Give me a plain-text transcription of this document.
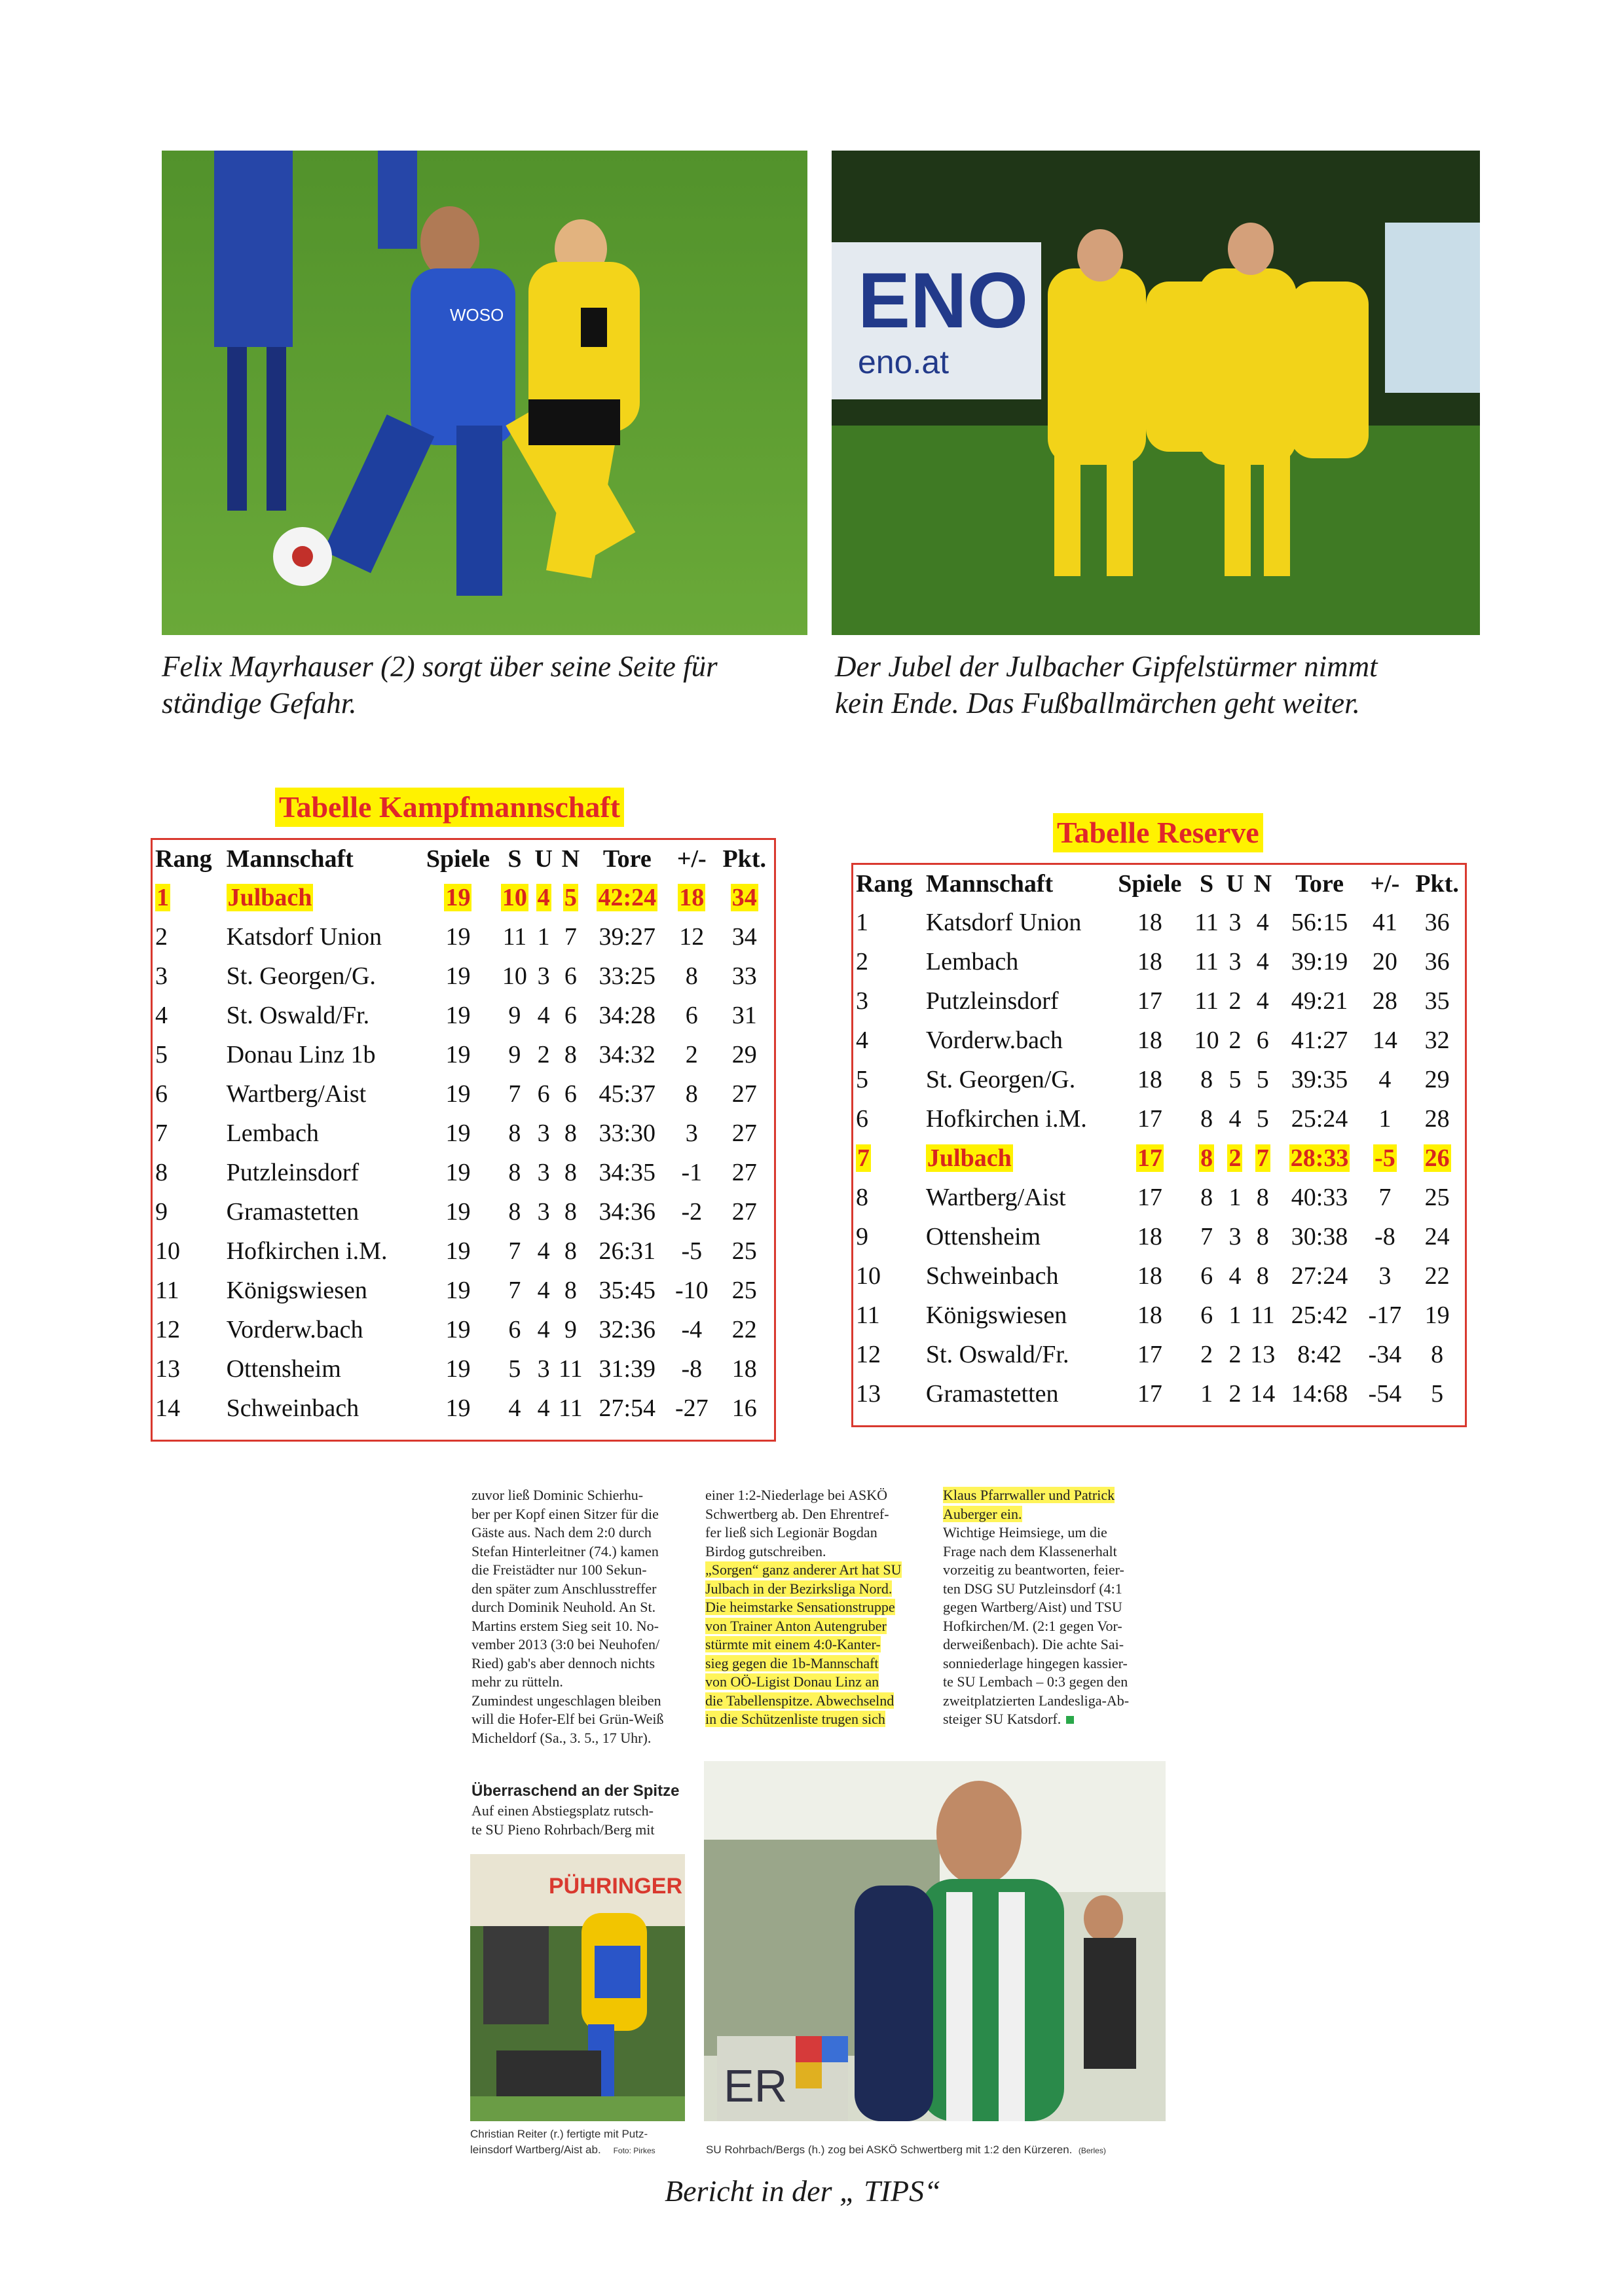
WOSO	ENO
eno.at
Felix Mayrhauser (2) sorgt über seine Seite für
ständige Gefahr.
Der Jubel der Julbacher Gipfelstürmer nimmt
kein Ende. Das Fußballmärchen geht weiter.
Tabelle Kampfmannschaft
Rang	Mannschaft	Spiele	S	U	N	Tore	+/-	Pkt.
1	Julbach	19	10	4	5	42:24	18	34
2	Katsdorf Union	19	11	1	7	39:27	12	34
3	St. Georgen/G.	19	10	3	6	33:25	8	33
4	St. Oswald/Fr.	19	9	4	6	34:28	6	31
5	Donau Linz 1b	19	9	2	8	34:32	2	29
6	Wartberg/Aist	19	7	6	6	45:37	8	27
7	Lembach	19	8	3	8	33:30	3	27
8	Putzleinsdorf	19	8	3	8	34:35	-1	27
9	Gramastetten	19	8	3	8	34:36	-2	27
10	Hofkirchen i.M.	19	7	4	8	26:31	-5	25
11	Königswiesen	19	7	4	8	35:45	-10	25
12	Vorderw.bach	19	6	4	9	32:36	-4	22
13	Ottensheim	19	5	3	11	31:39	-8	18
14	Schweinbach	19	4	4	11	27:54	-27	16
Tabelle Reserve
Rang	Mannschaft	Spiele	S	U	N	Tore	+/-	Pkt.
1	Katsdorf Union	18	11	3	4	56:15	41	36
2	Lembach	18	11	3	4	39:19	20	36
3	Putzleinsdorf	17	11	2	4	49:21	28	35
4	Vorderw.bach	18	10	2	6	41:27	14	32
5	St. Georgen/G.	18	8	5	5	39:35	4	29
6	Hofkirchen i.M.	17	8	4	5	25:24	1	28
7	Julbach	17	8	2	7	28:33	-5	26
8	Wartberg/Aist	17	8	1	8	40:33	7	25
9	Ottensheim	18	7	3	8	30:38	-8	24
10	Schweinbach	18	6	4	8	27:24	3	22
11	Königswiesen	18	6	1	11	25:42	-17	19
12	St. Oswald/Fr.	17	2	2	13	8:42	-34	8
13	Gramastetten	17	1	2	14	14:68	-54	5
zuvor ließ Dominic Schierhu-
ber per Kopf einen Sitzer für die
Gäste aus. Nach dem 2:0 durch
Stefan Hinterleitner (74.) kamen
die Freistädter nur 100 Sekun-
den später zum Anschlusstreffer
durch Dominik Neuhold. An St.
Martins erstem Sieg seit 10. No-
vember 2013 (3:0 bei Neuhofen/
Ried) gab's aber dennoch nichts
mehr zu rütteln.
Zumindest ungeschlagen bleiben
will die Hofer-Elf bei Grün-Weiß
Micheldorf (Sa., 3. 5., 17 Uhr).
einer 1:2-Niederlage bei ASKÖ
Schwertberg ab. Den Ehrentref-
fer ließ sich Legionär Bogdan
Birdog gutschreiben.
„Sorgen“ ganz anderer Art hat SU
Julbach in der Bezirksliga Nord.
Die heimstarke Sensationstruppe
von Trainer Anton Autengruber
stürmte mit einem 4:0-Kanter-
sieg gegen die 1b-Mannschaft
von OÖ-Ligist Donau Linz an
die Tabellenspitze. Abwechselnd
in die Schützenliste trugen sich
Klaus Pfarrwaller und Patrick
Auberger ein.
Wichtige Heimsiege, um die
Frage nach dem Klassenerhalt
vorzeitig zu beantworten, feier-
ten DSG SU Putzleinsdorf (4:1
gegen Wartberg/Aist) und TSU
Hofkirchen/M. (2:1 gegen Vor-
derweißenbach). Die achte Sai-
sonniederlage hingegen kassier-
te SU Lembach – 0:3 gegen den
zweitplatzierten Landesliga-Ab-
steiger SU Katsdorf.
Überraschend an der Spitze
Auf einen Abstiegsplatz rutsch-
te SU Pieno Rohrbach/Berg mit
PÜHRINGER
ER
Christian Reiter (r.) fertigte mit Putz-
leinsdorf Wartberg/Aist ab. Foto: Pirkes	SU Rohrbach/Bergs (h.) zog bei ASKÖ Schwertberg mit 1:2 den Kürzeren. (Berles)
Bericht in der „ TIPS“
